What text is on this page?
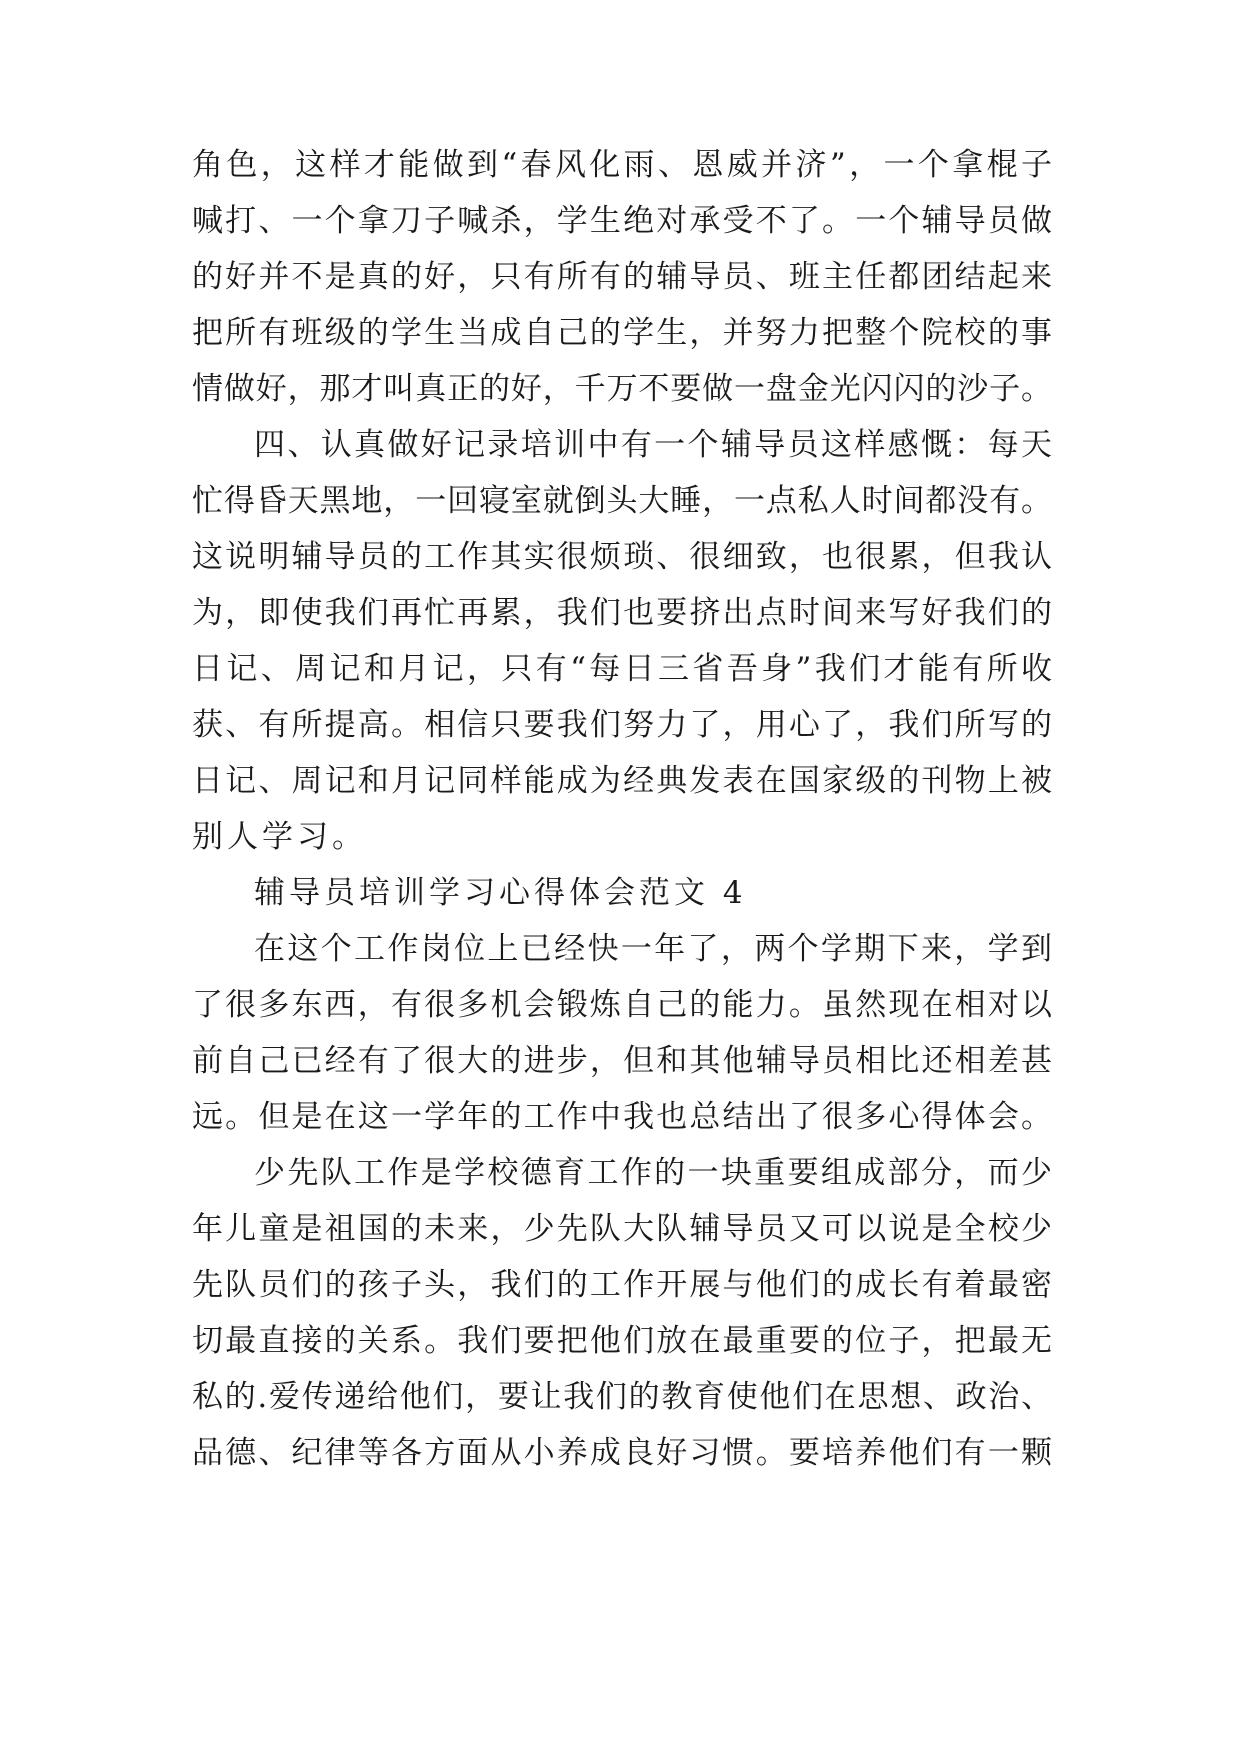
角色，这样才能做到“春风化雨、恩威并济”，一个拿棍子
喊打、一个拿刀子喊杀，学生绝对承受不了。一个辅导员做
的好并不是真的好，只有所有的辅导员、班主任都团结起来
把所有班级的学生当成自己的学生，并努力把整个院校的事
情做好，那才叫真正的好，千万不要做一盘金光闪闪的沙子。
四、认真做好记录培训中有一个辅导员这样感慨：每天
忙得昏天黑地，一回寝室就倒头大睡，一点私人时间都没有。
这说明辅导员的工作其实很烦琐、很细致，也很累，但我认
为，即使我们再忙再累，我们也要挤出点时间来写好我们的
日记、周记和月记，只有“每日三省吾身”我们才能有所收
获、有所提高。相信只要我们努力了，用心了，我们所写的
日记、周记和月记同样能成为经典发表在国家级的刊物上被
别人学习。
辅导员培训学习心得体会范文 4
在这个工作岗位上已经快一年了，两个学期下来，学到
了很多东西，有很多机会锻炼自己的能力。虽然现在相对以
前自己已经有了很大的进步，但和其他辅导员相比还相差甚
远。但是在这一学年的工作中我也总结出了很多心得体会。
少先队工作是学校德育工作的一块重要组成部分，而少
年儿童是祖国的未来，少先队大队辅导员又可以说是全校少
先队员们的孩子头，我们的工作开展与他们的成长有着最密
切最直接的关系。我们要把他们放在最重要的位子，把最无
私的.爱传递给他们，要让我们的教育使他们在思想、政治、
品德、纪律等各方面从小养成良好习惯。要培养他们有一颗
